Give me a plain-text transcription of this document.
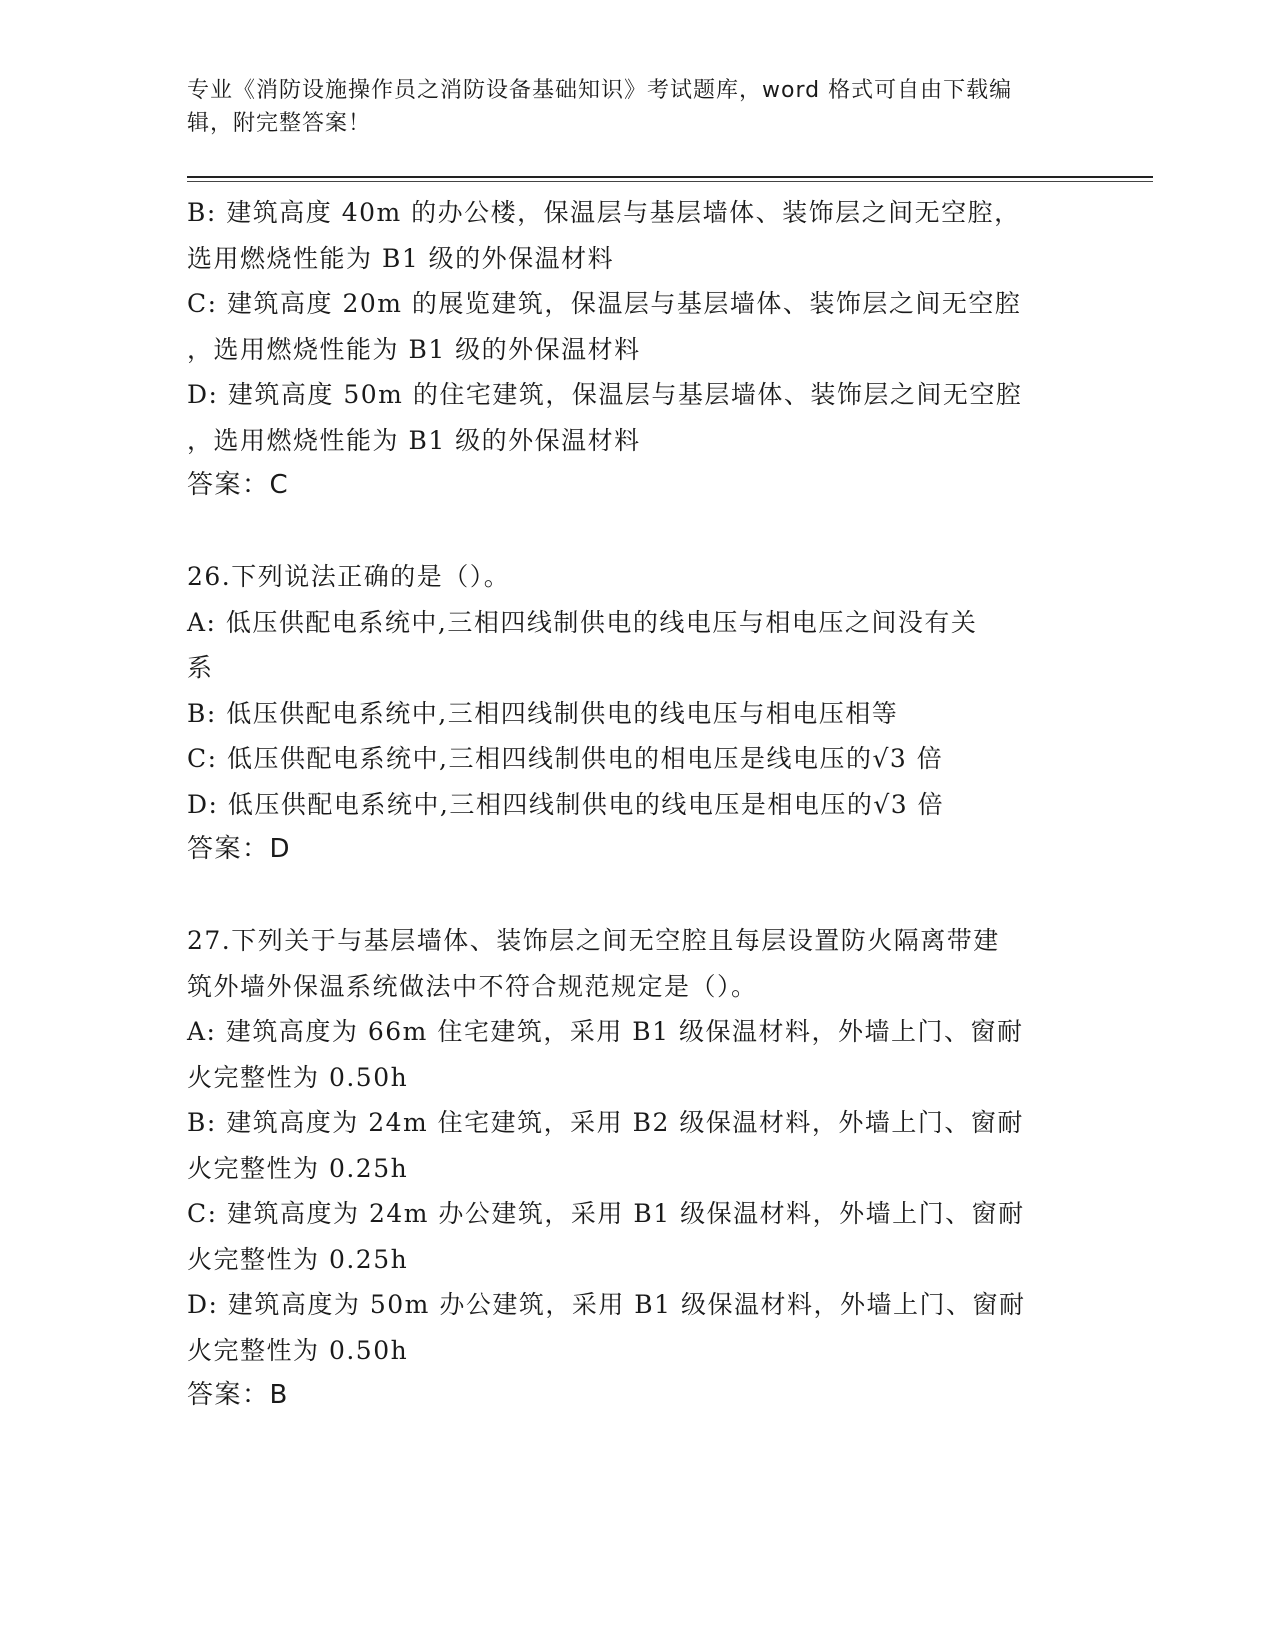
专业《消防设施操作员之消防设备基础知识》考试题库，word 格式可自由下载编
辑，附完整答案！
B: 建筑高度 40m 的办公楼，保温层与基层墙体、装饰层之间无空腔，
选用燃烧性能为 B1 级的外保温材料
C: 建筑高度 20m 的展览建筑，保温层与基层墙体、装饰层之间无空腔
，选用燃烧性能为 B1 级的外保温材料
D: 建筑高度 50m 的住宅建筑，保温层与基层墙体、装饰层之间无空腔
，选用燃烧性能为 B1 级的外保温材料
答案：C
26.下列说法正确的是（）。
A: 低压供配电系统中,三相四线制供电的线电压与相电压之间没有关
系
B: 低压供配电系统中,三相四线制供电的线电压与相电压相等
C: 低压供配电系统中,三相四线制供电的相电压是线电压的√3 倍
D: 低压供配电系统中,三相四线制供电的线电压是相电压的√3 倍
答案：D
27.下列关于与基层墙体、装饰层之间无空腔且每层设置防火隔离带建
筑外墙外保温系统做法中不符合规范规定是（）。
A: 建筑高度为 66m 住宅建筑，采用 B1 级保温材料，外墙上门、窗耐
火完整性为 0.50h
B: 建筑高度为 24m 住宅建筑，采用 B2 级保温材料，外墙上门、窗耐
火完整性为 0.25h
C: 建筑高度为 24m 办公建筑，采用 B1 级保温材料，外墙上门、窗耐
火完整性为 0.25h
D: 建筑高度为 50m 办公建筑，采用 B1 级保温材料，外墙上门、窗耐
火完整性为 0.50h
答案：B
